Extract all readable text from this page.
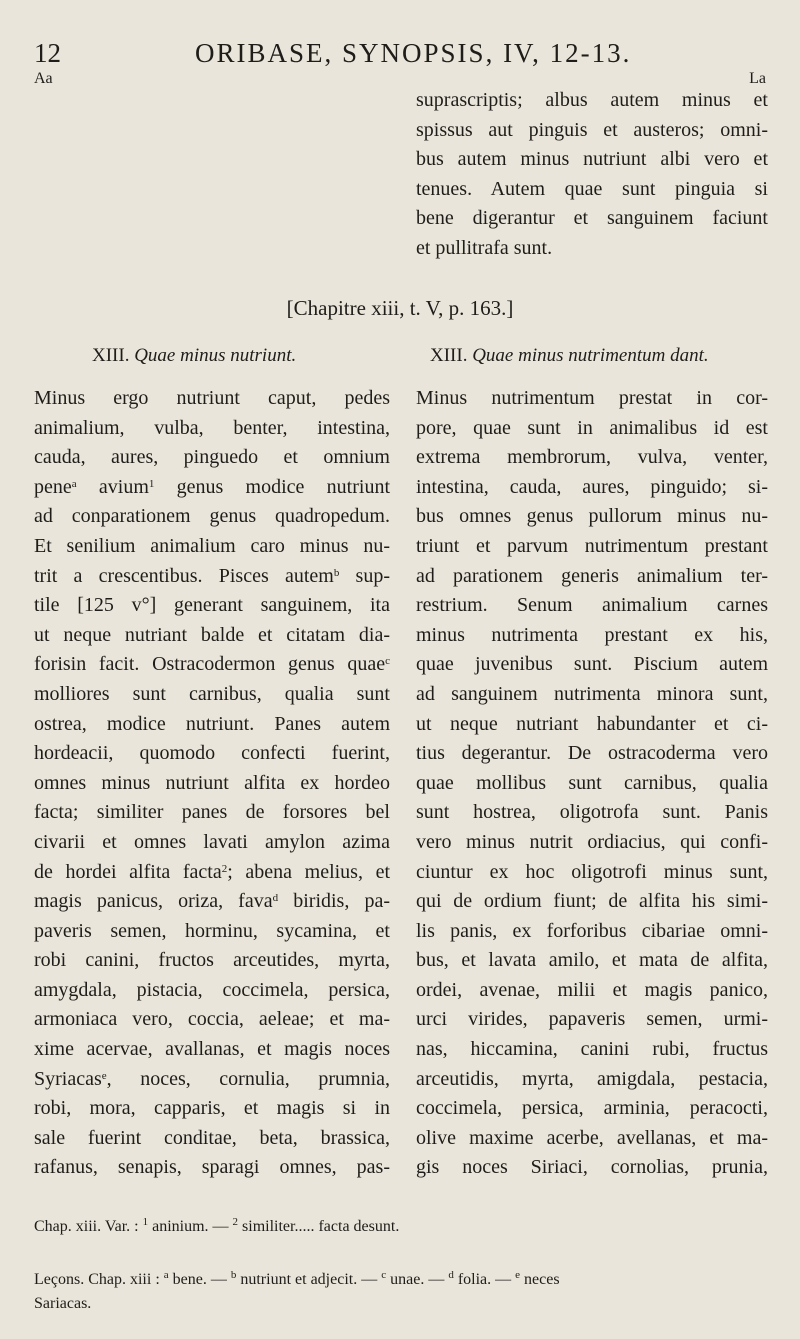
12	ORIBASE, SYNOPSIS, IV, 12-13.
Aa	La
suprascriptis; albus autem minus et
spissus aut pinguis et austeros; omni-
bus autem minus nutriunt albi vero et
tenues. Autem quae sunt pinguia si
bene digerantur et sanguinem faciunt
et pullitrafa sunt.
[Chapitre xiii, t. V, p. 163.]
XIII. Quae minus nutriunt.	XIII. Quae minus nutrimentum dant.
Minus ergo nutriunt caput, pedes
animalium, vulba, benter, intestina,
cauda, aures, pinguedo et omnium
pene$^a$ avium$^1$ genus modice nutriunt
ad conparationem genus quadropedum.
Et senilium animalium caro minus nu-
trit a crescentibus. Pisces autem$^b$ sup-
tile [125 v°] generant sanguinem, ita
ut neque nutriant balde et citatam dia-
forisin facit. Ostracodermon genus quae$^c$
molliores sunt carnibus, qualia sunt
ostrea, modice nutriunt. Panes autem
hordeacii, quomodo confecti fuerint,
omnes minus nutriunt alfita ex hordeo
facta; similiter panes de forsores bel
civarii et omnes lavati amylon azima
de hordei alfita facta$^2$; abena melius, et
magis panicus, oriza, fava$^d$ biridis, pa-
paveris semen, horminu, sycamina, et
robi canini, fructos arceutides, myrta,
amygdala, pistacia, coccimela, persica,
armoniaca vero, coccia, aeleae; et ma-
xime acervae, avallanas, et magis noces
Syriacas$^e$, noces, cornulia, prumnia,
robi, mora, capparis, et magis si in
sale fuerint conditae, beta, brassica,
rafanus, senapis, sparagi omnes, pas-
Minus nutrimentum prestat in cor-
pore, quae sunt in animalibus id est
extrema membrorum, vulva, venter,
intestina, cauda, aures, pinguido; si-
bus omnes genus pullorum minus nu-
triunt et parvum nutrimentum prestant
ad parationem generis animalium ter-
restrium. Senum animalium carnes
minus nutrimenta prestant ex his,
quae juvenibus sunt. Piscium autem
ad sanguinem nutrimenta minora sunt,
ut neque nutriant habundanter et ci-
tius degerantur. De ostracoderma vero
quae mollibus sunt carnibus, qualia
sunt hostrea, oligotrofa sunt. Panis
vero minus nutrit ordiacius, qui confi-
ciuntur ex hoc oligotrofi minus sunt,
qui de ordium fiunt; de alfita his simi-
lis panis, ex forforibus cibariae omni-
bus, et lavata amilo, et mata de alfita,
ordei, avenae, milii et magis panico,
urci virides, papaveris semen, urmi-
nas, hiccamina, canini rubi, fructus
arceutidis, myrta, amigdala, pestacia,
coccimela, persica, arminia, peracocti,
olive maxime acerbe, avellanas, et ma-
gis noces Siriaci, cornolias, prunia,
Chap. xiii. Var. : $^1$ aninium. — $^2$ similiter..... facta desunt.
Leçons. Chap. xiii : $^a$ bene. — $^b$ nutriunt et adjecit. — $^c$ unae. — $^d$ folia. — $^e$ neces
Sariacas.
